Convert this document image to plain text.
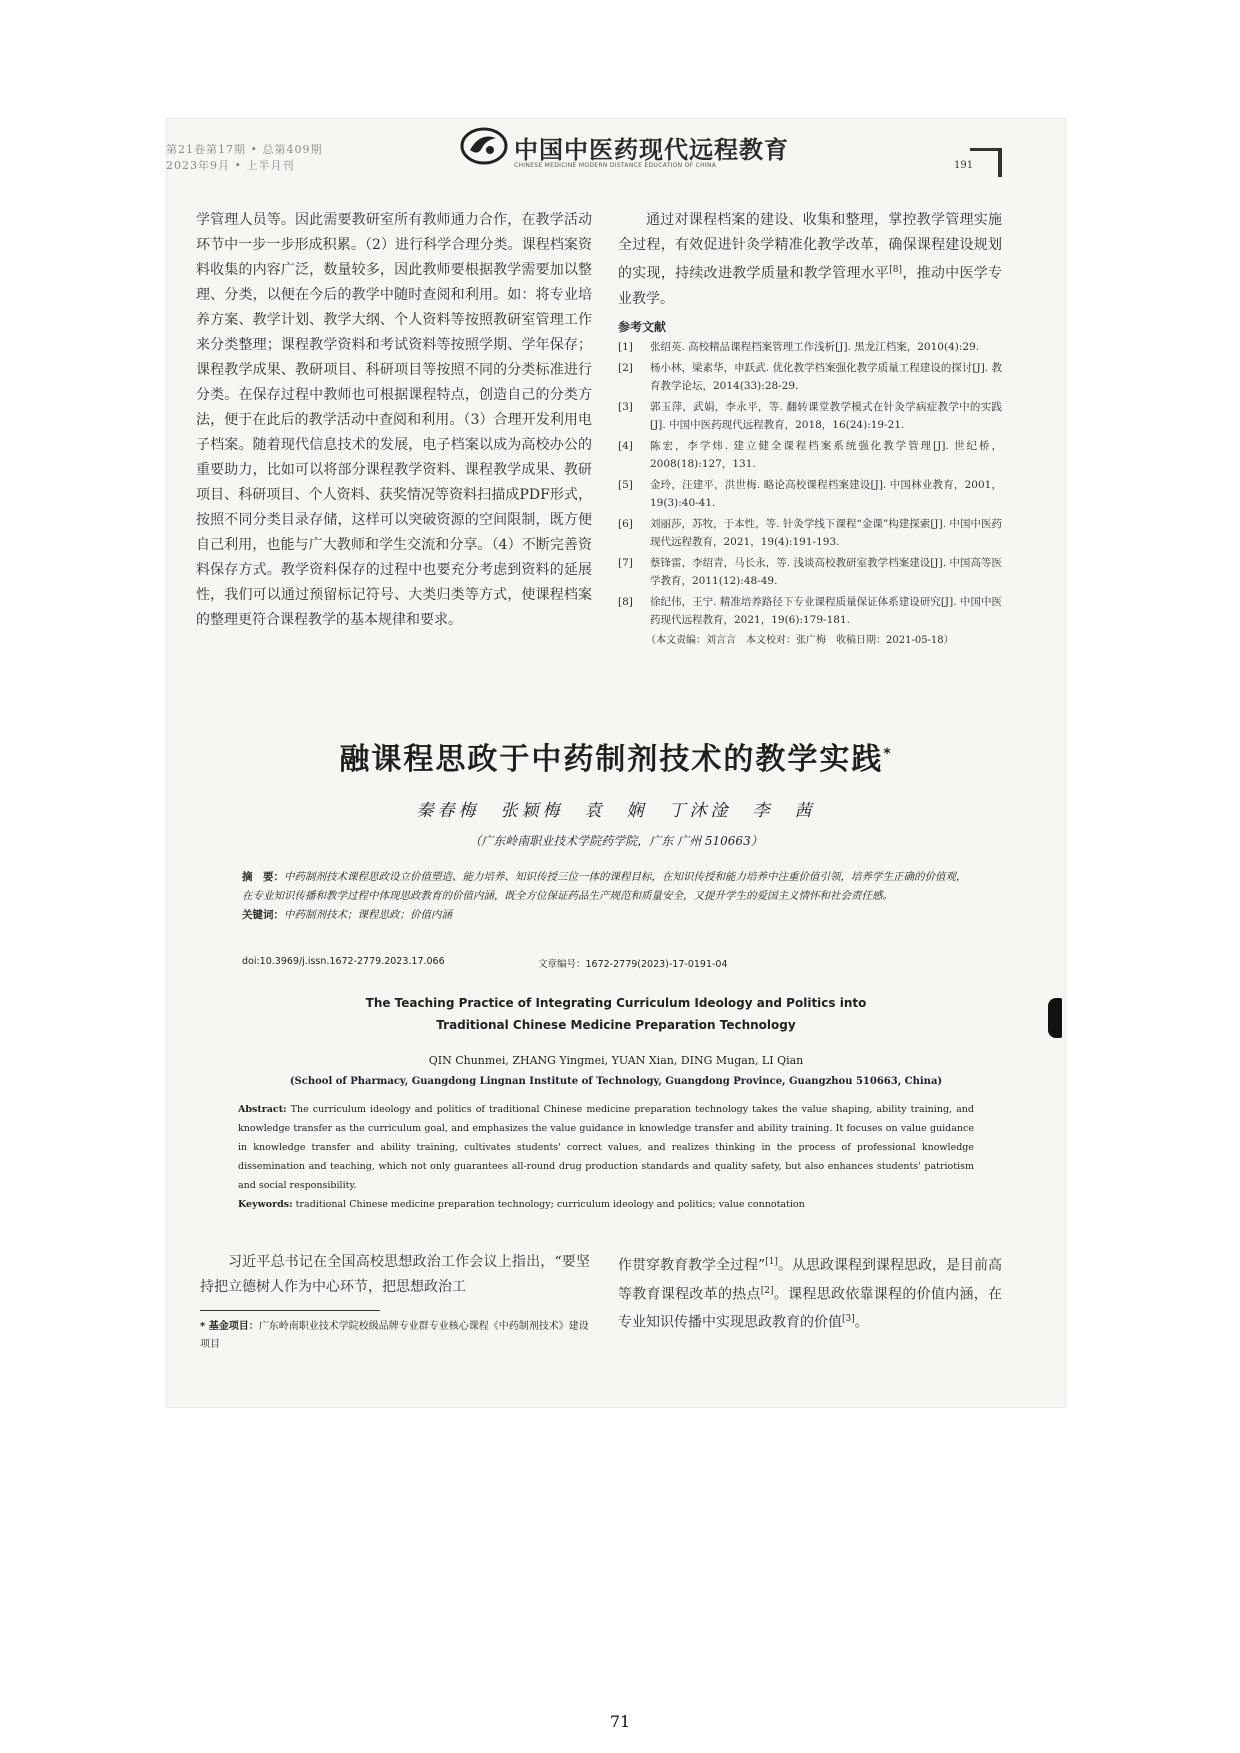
第21卷第17期 • 总第409期
2023年9月 • 上半月刊
中国中医药现代远程教育
CHINESE MEDICINE MODERN DISTANCE EDUCATION OF CHINA	191

学管理人员等。因此需要教研室所有教师通力合作，在教学活动环节中一步一步形成积累。（2）进行科学合理分类。课程档案资料收集的内容广泛，数量较多，因此教师要根据教学需要加以整理、分类，以便在今后的教学中随时查阅和利用。如：将专业培养方案、教学计划、教学大纲、个人资料等按照教研室管理工作来分类整理；课程教学资料和考试资料等按照学期、学年保存；课程教学成果、教研项目、科研项目等按照不同的分类标准进行分类。在保存过程中教师也可根据课程特点，创造自己的分类方法，便于在此后的教学活动中查阅和利用。（3）合理开发利用电子档案。随着现代信息技术的发展，电子档案以成为高校办公的重要助力，比如可以将部分课程教学资料、课程教学成果、教研项目、科研项目、个人资料、获奖情况等资料扫描成PDF形式，按照不同分类目录存储，这样可以突破资源的空间限制，既方便自己利用，也能与广大教师和学生交流和分享。（4）不断完善资料保存方式。教学资料保存的过程中也要充分考虑到资料的延展性，我们可以通过预留标记符号、大类归类等方式，使课程档案的整理更符合课程教学的基本规律和要求。

通过对课程档案的建设、收集和整理，掌控教学管理实施全过程，有效促进针灸学精准化教学改革，确保课程建设规划的实现，持续改进教学质量和教学管理水平[8]，推动中医学专业教学。

参考文献
[1]	张绍英. 高校精品课程档案管理工作浅析[J]. 黑龙江档案，2010(4):29.
[2]	杨小林，梁素华，申跃武. 优化教学档案强化教学质量工程建设的探讨[J]. 教育教学论坛，2014(33):28-29.
[3]	郭玉萍，武娟，李永平，等. 翻转课堂教学模式在针灸学病症教学中的实践[J]. 中国中医药现代远程教育，2018，16(24):19-21.
[4]	陈宏，李学炜. 建立健全课程档案系统强化教学管理[J]. 世纪桥，2008(18):127，131.
[5]	金玲，汪建平，洪世梅. 略论高校课程档案建设[J]. 中国林业教育，2001，19(3):40-41.
[6]	刘丽莎，苏牧，于本性，等. 针灸学线下课程“金课”构建探索[J]. 中国中医药现代远程教育，2021，19(4):191-193.
[7]	蔡锋雷，李绍青，马长永，等. 浅谈高校教研室教学档案建设[J]. 中国高等医学教育，2011(12):48-49.
[8]	徐纪伟，王宁. 精准培养路径下专业课程质量保证体系建设研究[J]. 中国中医药现代远程教育，2021，19(6):179-181.
（本文责编：刘言言　本文校对：张广梅　收稿日期：2021-05-18）
融课程思政于中药制剂技术的教学实践*
秦春梅　张颖梅　袁　娴　丁沐淦　李　茜
（广东岭南职业技术学院药学院，广东 广州 510663）
摘　要：中药制剂技术课程思政设立价值塑造、能力培养、知识传授三位一体的课程目标，在知识传授和能力培养中注重价值引领，培养学生正确的价值观，在专业知识传播和教学过程中体现思政教育的价值内涵，既全方位保证药品生产规范和质量安全，又提升学生的爱国主义情怀和社会责任感。
关键词：中药制剂技术；课程思政；价值内涵
doi:10.3969/j.issn.1672-2779.2023.17.066	文章编号：1672-2779(2023)-17-0191-04
The Teaching Practice of Integrating Curriculum Ideology and Politics into
Traditional Chinese Medicine Preparation Technology
QIN Chunmei, ZHANG Yingmei, YUAN Xian, DING Mugan, LI Qian
(School of Pharmacy, Guangdong Lingnan Institute of Technology, Guangdong Province, Guangzhou 510663, China)

Abstract: The curriculum ideology and politics of traditional Chinese medicine preparation technology takes the value shaping, ability training, and knowledge transfer as the curriculum goal, and emphasizes the value guidance in knowledge transfer and ability training. It focuses on value guidance in knowledge transfer and ability training, cultivates students' correct values, and realizes thinking in the process of professional knowledge dissemination and teaching, which not only guarantees all-round drug production standards and quality safety, but also enhances students' patriotism and social responsibility.

Keywords: traditional Chinese medicine preparation technology; curriculum ideology and politics; value connotation

习近平总书记在全国高校思想政治工作会议上指出，“要坚持把立德树人作为中心环节，把思想政治工

* 基金项目：广东岭南职业技术学院校级品牌专业群专业核心课程《中药制剂技术》建设项目

作贯穿教育教学全过程”[1]。从思政课程到课程思政，是目前高等教育课程改革的热点[2]。课程思政依靠课程的价值内涵，在专业知识传播中实现思政教育的价值[3]。

71
